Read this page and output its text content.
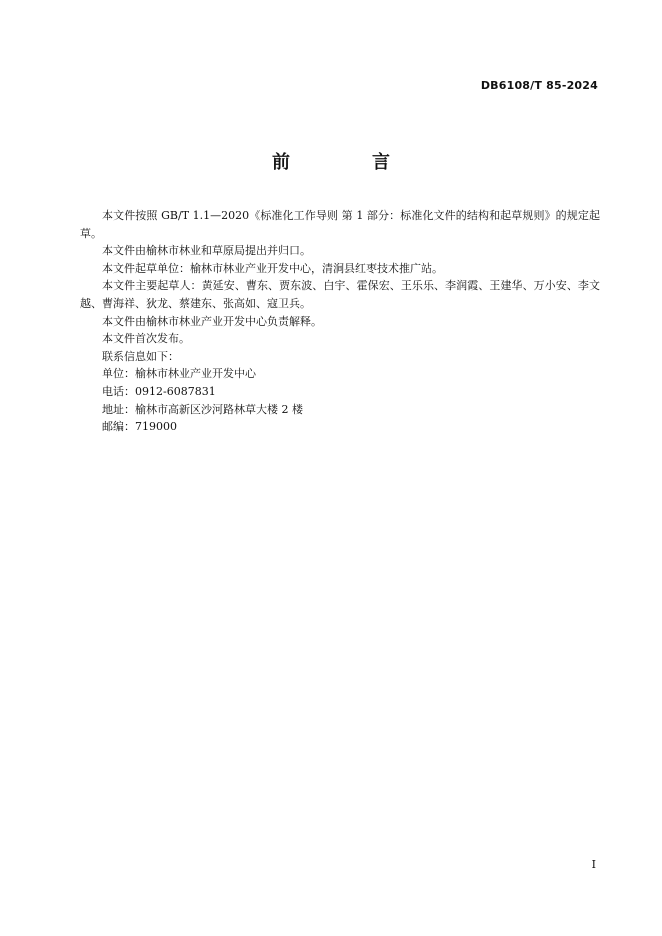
DB6108/T 85-2024
前　言

本文件按照 GB/T 1.1—2020《标准化工作导则 第 1 部分：标准化文件的结构和起草规则》的规定起草。

本文件由榆林市林业和草原局提出并归口。

本文件起草单位：榆林市林业产业开发中心，清涧县红枣技术推广站。

本文件主要起草人：黄延安、曹东、贾东波、白宇、霍保宏、王乐乐、李润霞、王建华、万小安、李文越、曹海祥、狄龙、蔡建东、张高如、寇卫兵。

本文件由榆林市林业产业开发中心负责解释。

本文件首次发布。

联系信息如下：

单位：榆林市林业产业开发中心

电话：0912-6087831

地址：榆林市高新区沙河路林草大楼 2 楼

邮编：719000

I
